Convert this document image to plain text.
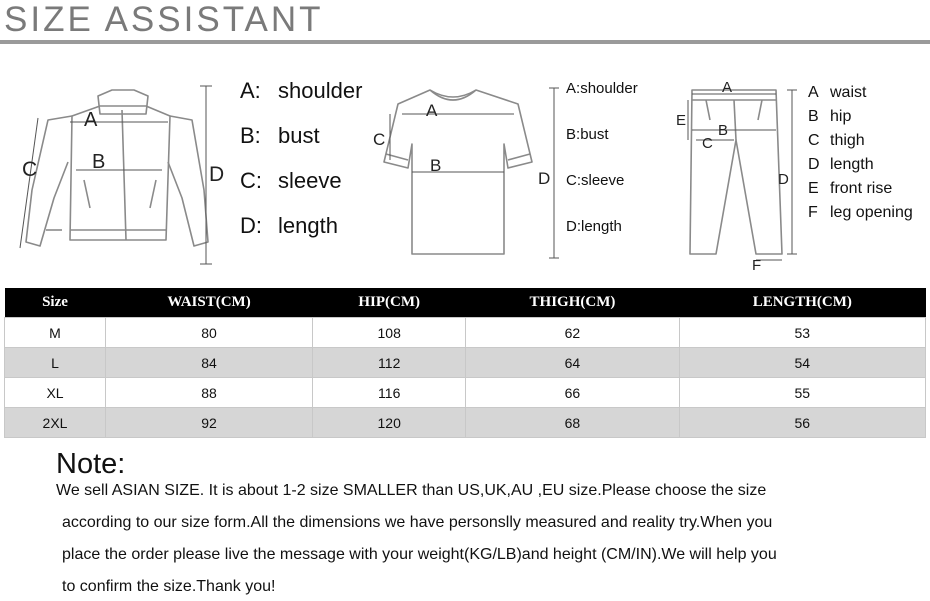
SIZE ASSISTANT
A
B
C	D
A: shoulder
B: bust
C: sleeve
D: length
A
B
C
D
A:shoulder
B:bust
C:sleeve
D:length
A
B
C
D
E
F
A waist
B hip
C thigh
D length
E front rise
F leg opening
Size	WAIST(CM)	HIP(CM)	THIGH(CM)	LENGTH(CM)
M	80	108	62	53
L	84	112	64	54
XL	88	116	66	55
2XL	92	120	68	56
Note:

We sell ASIAN SIZE. It is about 1-2 size SMALLER than US,UK,AU ,EU size.Please choose the size

according to our size form.All the dimensions we have personslly measured and reality try.When you

place the order please live the message with your weight(KG/LB)and height (CM/IN).We will help you

to confirm the size.Thank you!
